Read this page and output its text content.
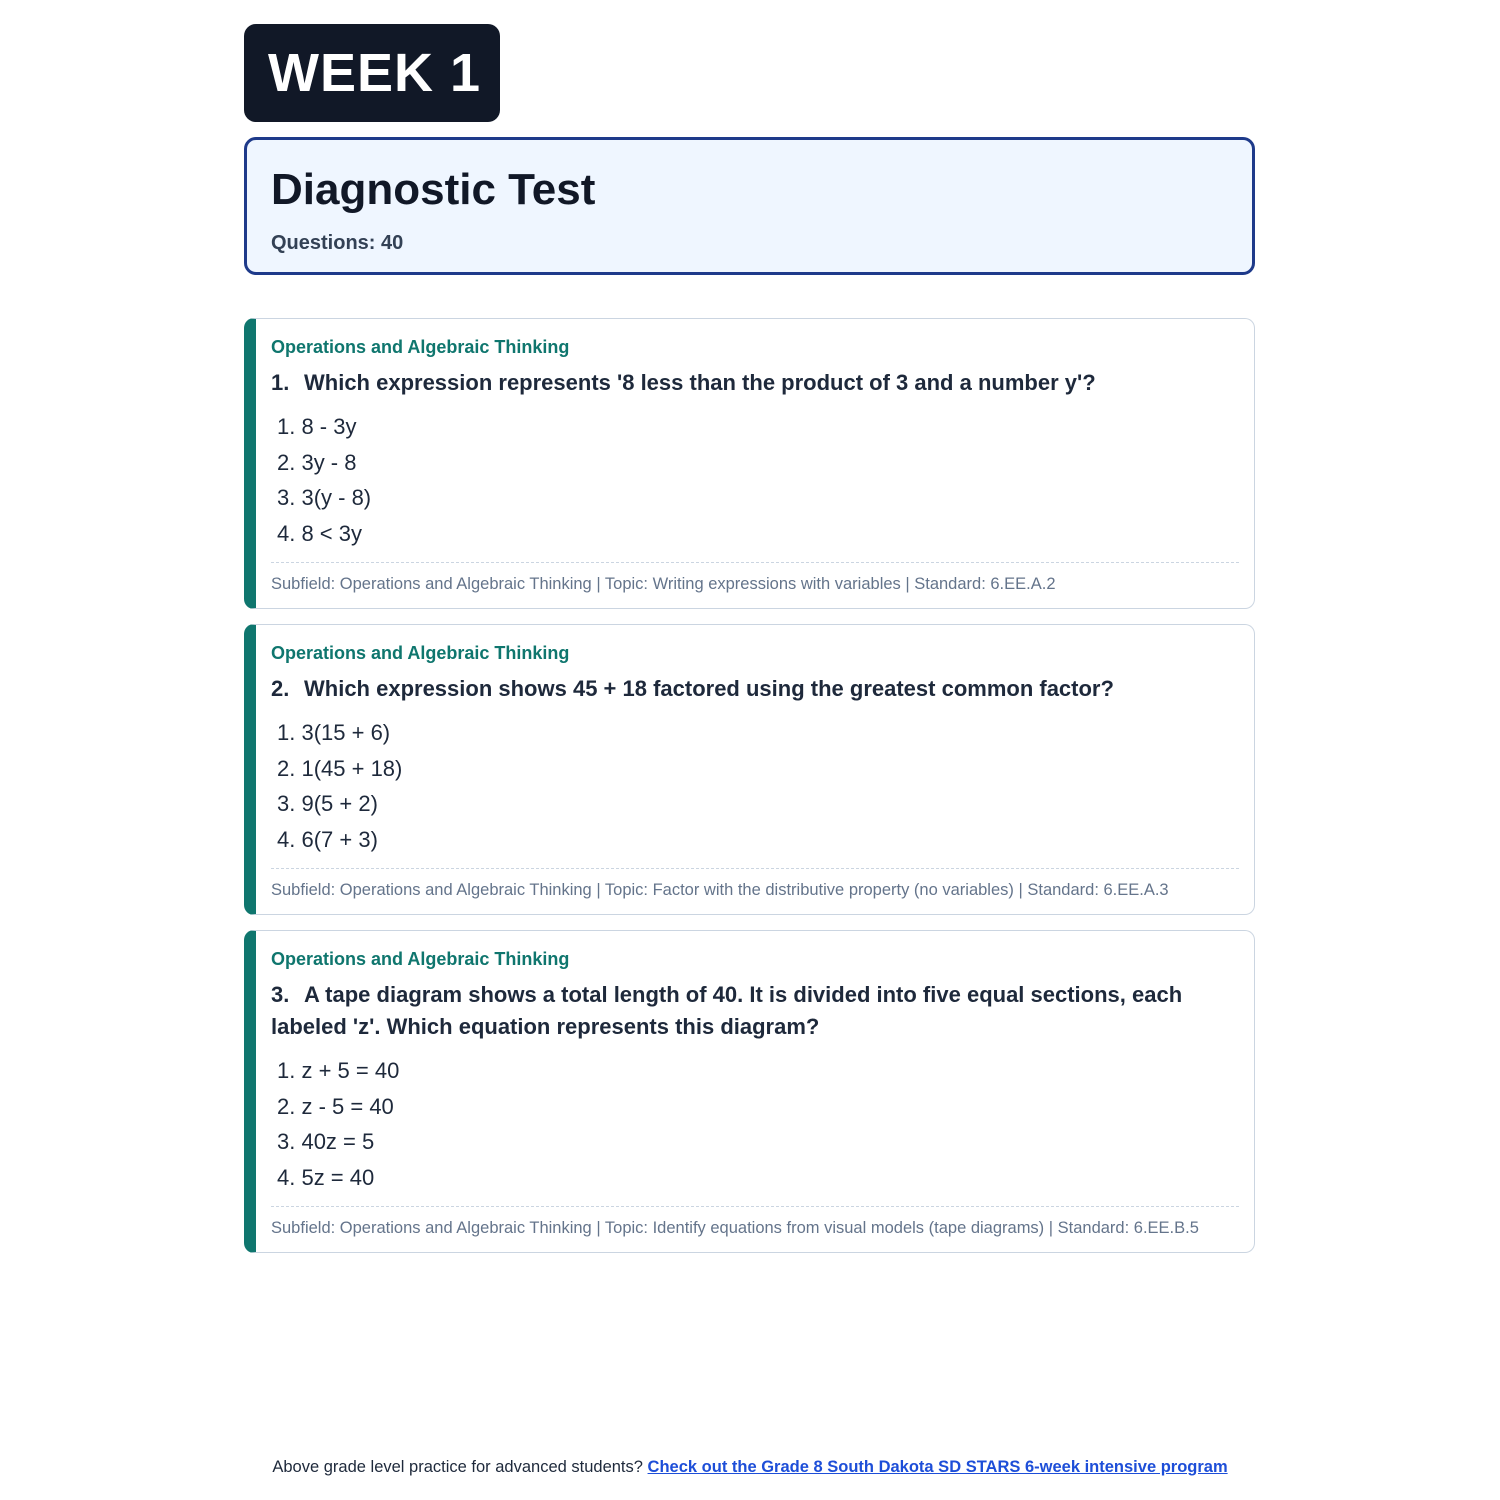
WEEK 1
Diagnostic Test
Questions: 40
Operations and Algebraic Thinking
1. Which expression represents '8 less than the product of 3 and a number y'?
1. 8 - 3y
2. 3y - 8
3. 3(y - 8)
4. 8 < 3y
Subfield: Operations and Algebraic Thinking | Topic: Writing expressions with variables | Standard: 6.EE.A.2
Operations and Algebraic Thinking
2. Which expression shows 45 + 18 factored using the greatest common factor?
1. 3(15 + 6)
2. 1(45 + 18)
3. 9(5 + 2)
4. 6(7 + 3)
Subfield: Operations and Algebraic Thinking | Topic: Factor with the distributive property (no variables) | Standard: 6.EE.A.3
Operations and Algebraic Thinking
3. A tape diagram shows a total length of 40. It is divided into five equal sections, each labeled 'z'. Which equation represents this diagram?
1. z + 5 = 40
2. z - 5 = 40
3. 40z = 5
4. 5z = 40
Subfield: Operations and Algebraic Thinking | Topic: Identify equations from visual models (tape diagrams) | Standard: 6.EE.B.5
Above grade level practice for advanced students? Check out the Grade 8 South Dakota SD STARS 6-week intensive program
